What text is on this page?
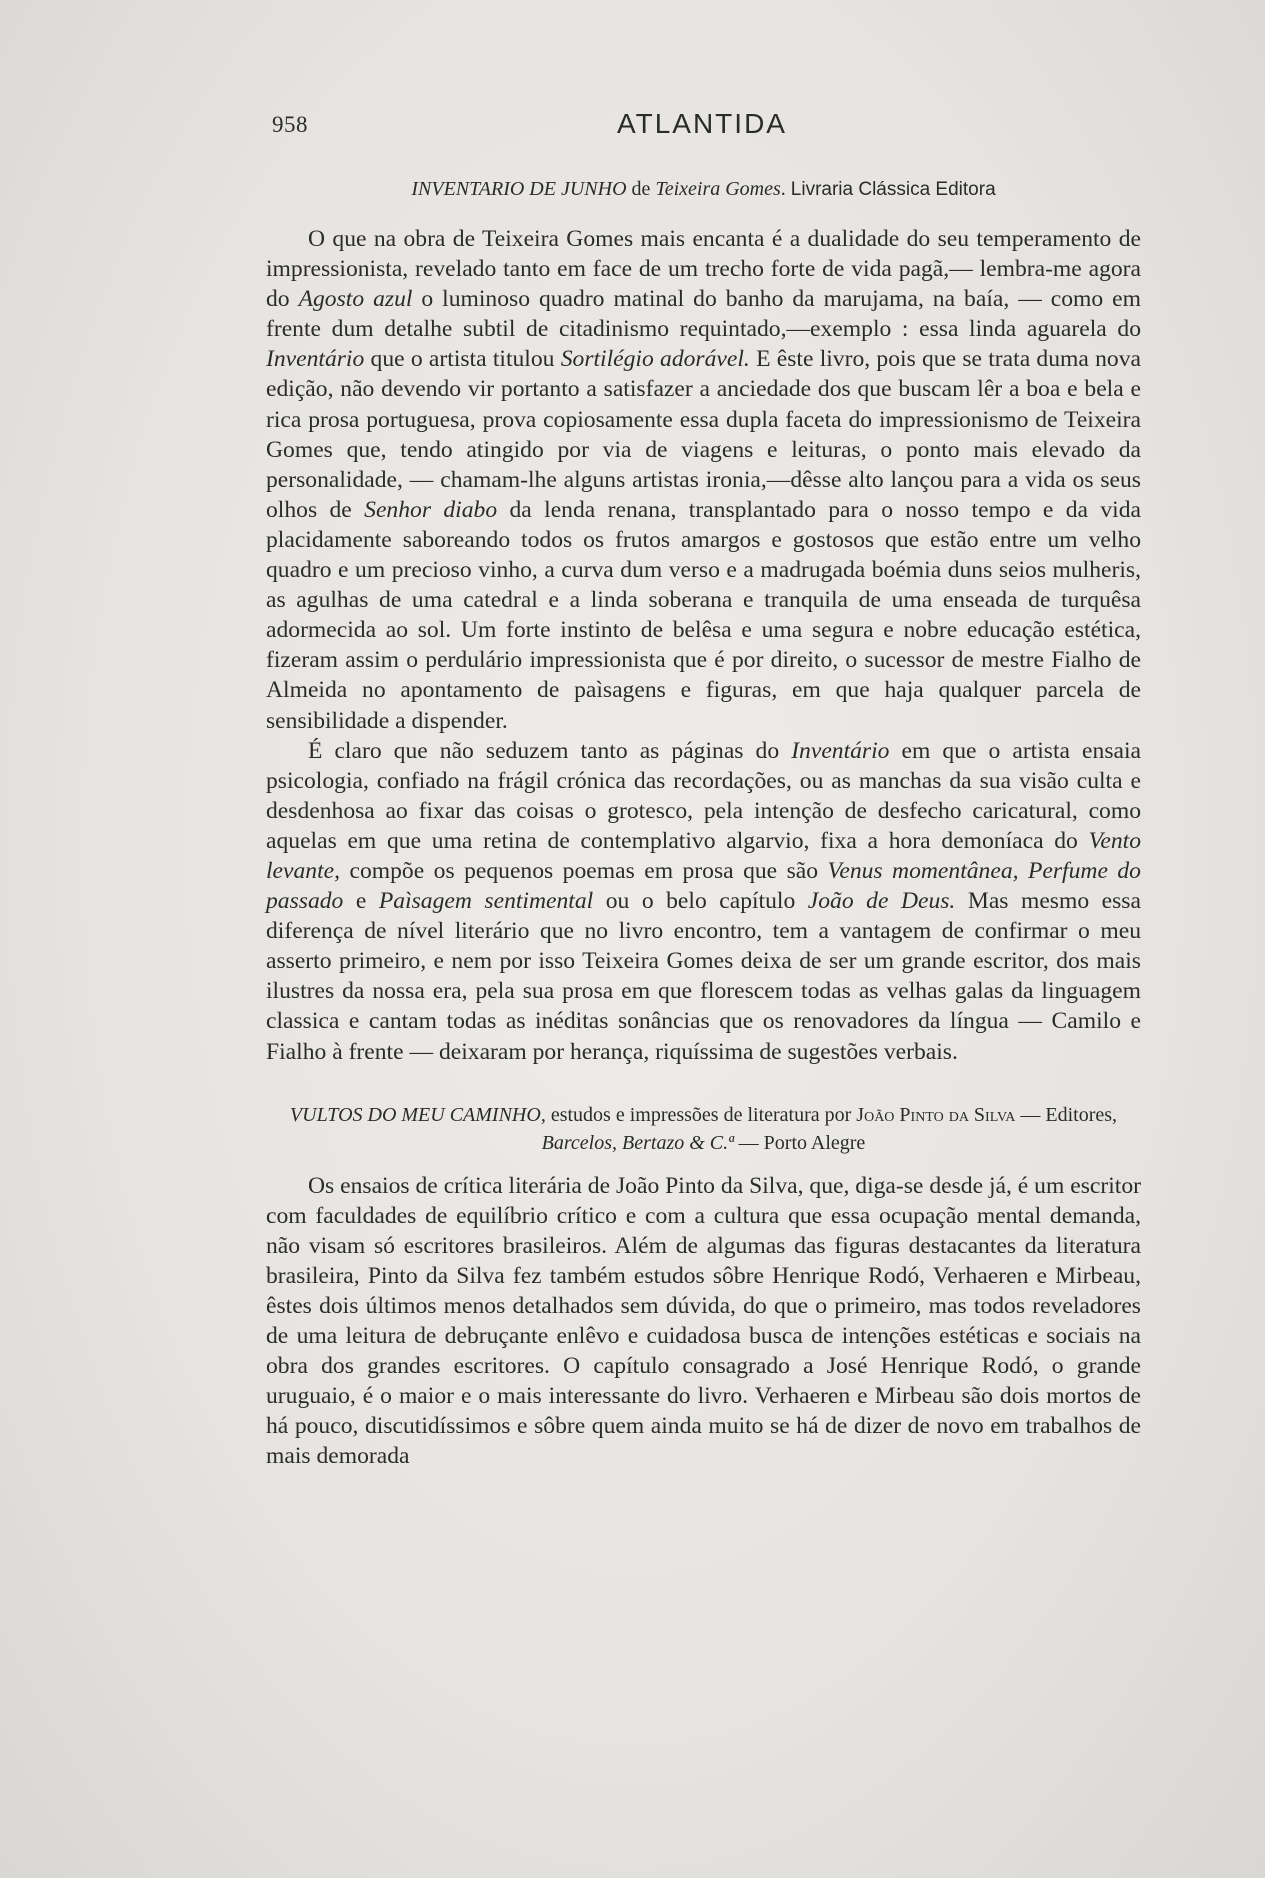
958	ATLANTIDA
INVENTARIO DE JUNHO de Teixeira Gomes. Livraria Clássica Editora

O que na obra de Teixeira Gomes mais encanta é a dualidade do seu temperamento de impressionista, revelado tanto em face de um trecho forte de vida pagã,— lembra-me agora do Agosto azul o luminoso quadro matinal do banho da marujama, na baía, — como em frente dum detalhe subtil de citadinismo requintado,—exemplo : essa linda aguarela do Inventário que o artista titulou Sortilégio adorável. E êste livro, pois que se trata duma nova edição, não devendo vir portanto a satisfazer a anciedade dos que buscam lêr a boa e bela e rica prosa portuguesa, prova copiosamente essa dupla faceta do impressionismo de Teixeira Gomes que, tendo atingido por via de viagens e leituras, o ponto mais elevado da personalidade, — chamam-lhe alguns artistas ironia,—dêsse alto lançou para a vida os seus olhos de Senhor diabo da lenda renana, transplantado para o nosso tempo e da vida placidamente saboreando todos os frutos amargos e gostosos que estão entre um velho quadro e um precioso vinho, a curva dum verso e a madrugada boémia duns seios mulheris, as agulhas de uma catedral e a linda soberana e tranquila de uma enseada de turquêsa adormecida ao sol. Um forte instinto de belêsa e uma segura e nobre educação estética, fizeram assim o perdulário impressionista que é por direito, o sucessor de mestre Fialho de Almeida no apontamento de paìsagens e figuras, em que haja qualquer parcela de sensibilidade a dispender.

É claro que não seduzem tanto as páginas do Inventário em que o artista ensaia psicologia, confiado na frágil crónica das recordações, ou as manchas da sua visão culta e desdenhosa ao fixar das coisas o grotesco, pela intenção de desfecho caricatural, como aquelas em que uma retina de contemplativo algarvio, fixa a hora demoníaca do Vento levante, compõe os pequenos poemas em prosa que são Venus momentânea, Perfume do passado e Paìsagem sentimental ou o belo capítulo João de Deus. Mas mesmo essa diferença de nível literário que no livro encontro, tem a vantagem de confirmar o meu asserto primeiro, e nem por isso Teixeira Gomes deixa de ser um grande escritor, dos mais ilustres da nossa era, pela sua prosa em que florescem todas as velhas galas da linguagem classica e cantam todas as inéditas sonâncias que os renovadores da língua — Camilo e Fialho à frente — deixaram por herança, riquíssima de sugestões verbais.

VULTOS DO MEU CAMINHO, estudos e impressões de literatura por João Pinto da Silva — Editores, Barcelos, Bertazo & C.ª — Porto Alegre

Os ensaios de crítica literária de João Pinto da Silva, que, diga-se desde já, é um escritor com faculdades de equilíbrio crítico e com a cultura que essa ocupação mental demanda, não visam só escritores brasileiros. Além de algumas das figuras destacantes da literatura brasileira, Pinto da Silva fez também estudos sôbre Henrique Rodó, Verhaeren e Mirbeau, êstes dois últimos menos detalhados sem dúvida, do que o primeiro, mas todos reveladores de uma leitura de debruçante enlêvo e cuidadosa busca de intenções estéticas e sociais na obra dos grandes escritores. O capítulo consagrado a José Henrique Rodó, o grande uruguaio, é o maior e o mais interessante do livro. Verhaeren e Mirbeau são dois mortos de há pouco, discutidíssimos e sôbre quem ainda muito se há de dizer de novo em trabalhos de mais demorada
